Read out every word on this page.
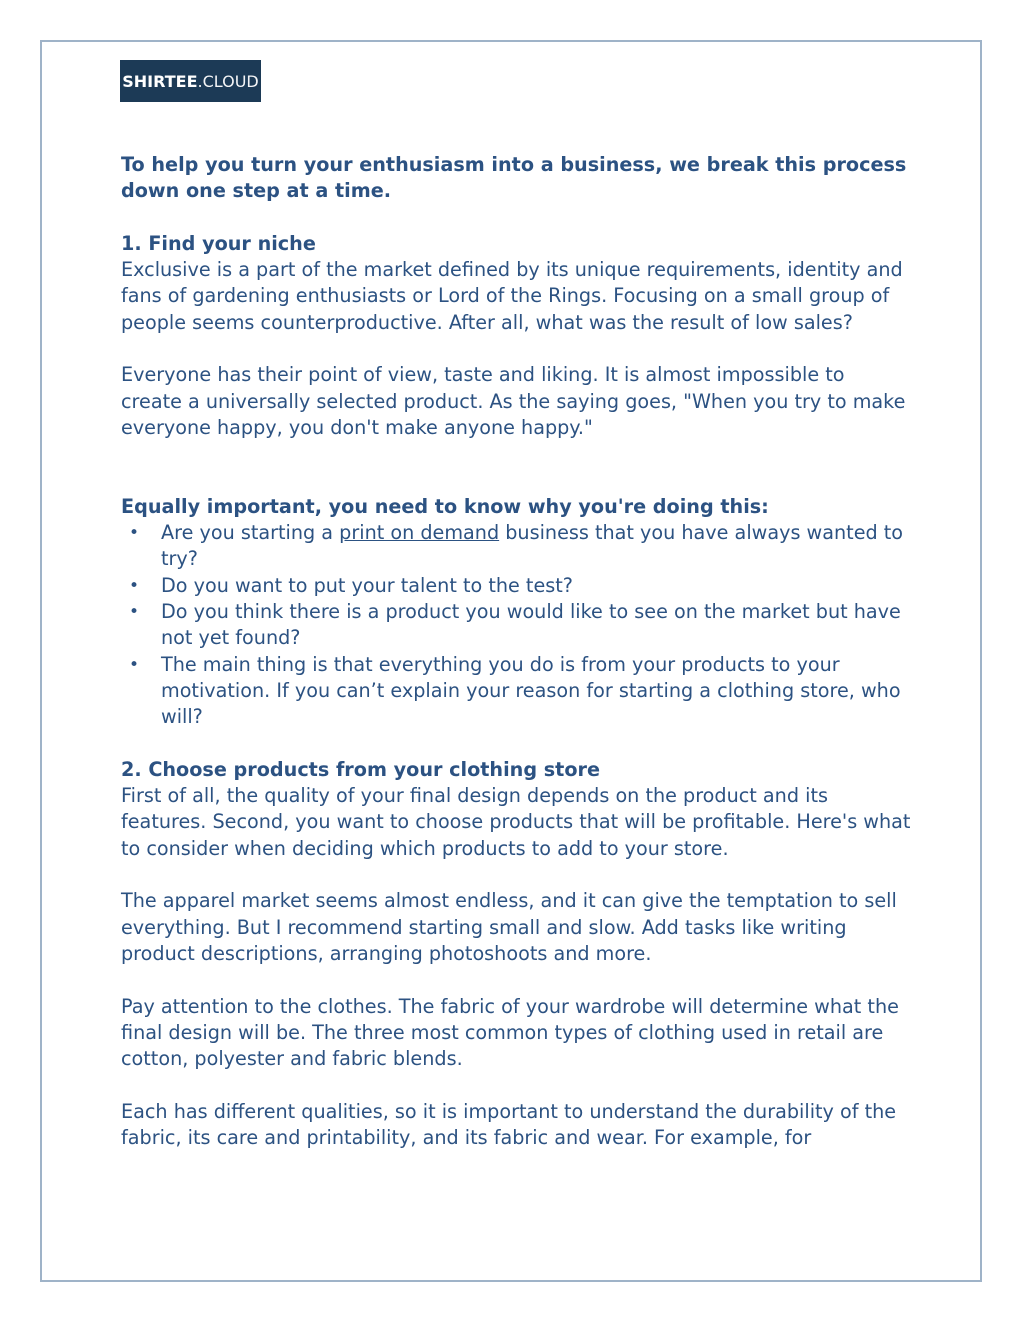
SHIRTEE .CLOUD

To help you turn your enthusiasm into a business, we break this process down one step at a time.

1. Find your niche

Exclusive is a part of the market defined by its unique requirements, identity and fans of gardening enthusiasts or Lord of the Rings. Focusing on a small group of people seems counterproductive. After all, what was the result of low sales?

Everyone has their point of view, taste and liking. It is almost impossible to create a universally selected product. As the saying goes, "When you try to make everyone happy, you don't make anyone happy."

Equally important, you need to know why you're doing this:
• Are you starting a print on demand business that you have always wanted to try?
• Do you want to put your talent to the test?
• Do you think there is a product you would like to see on the market but have not yet found?
• The main thing is that everything you do is from your products to your motivation. If you can’t explain your reason for starting a clothing store, who will?
2. Choose products from your clothing store

First of all, the quality of your final design depends on the product and its features. Second, you want to choose products that will be profitable. Here's what to consider when deciding which products to add to your store.

The apparel market seems almost endless, and it can give the temptation to sell everything. But I recommend starting small and slow. Add tasks like writing product descriptions, arranging photoshoots and more.

Pay attention to the clothes. The fabric of your wardrobe will determine what the final design will be. The three most common types of clothing used in retail are cotton, polyester and fabric blends.

Each has different qualities, so it is important to understand the durability of the fabric, its care and printability, and its fabric and wear. For example, for
